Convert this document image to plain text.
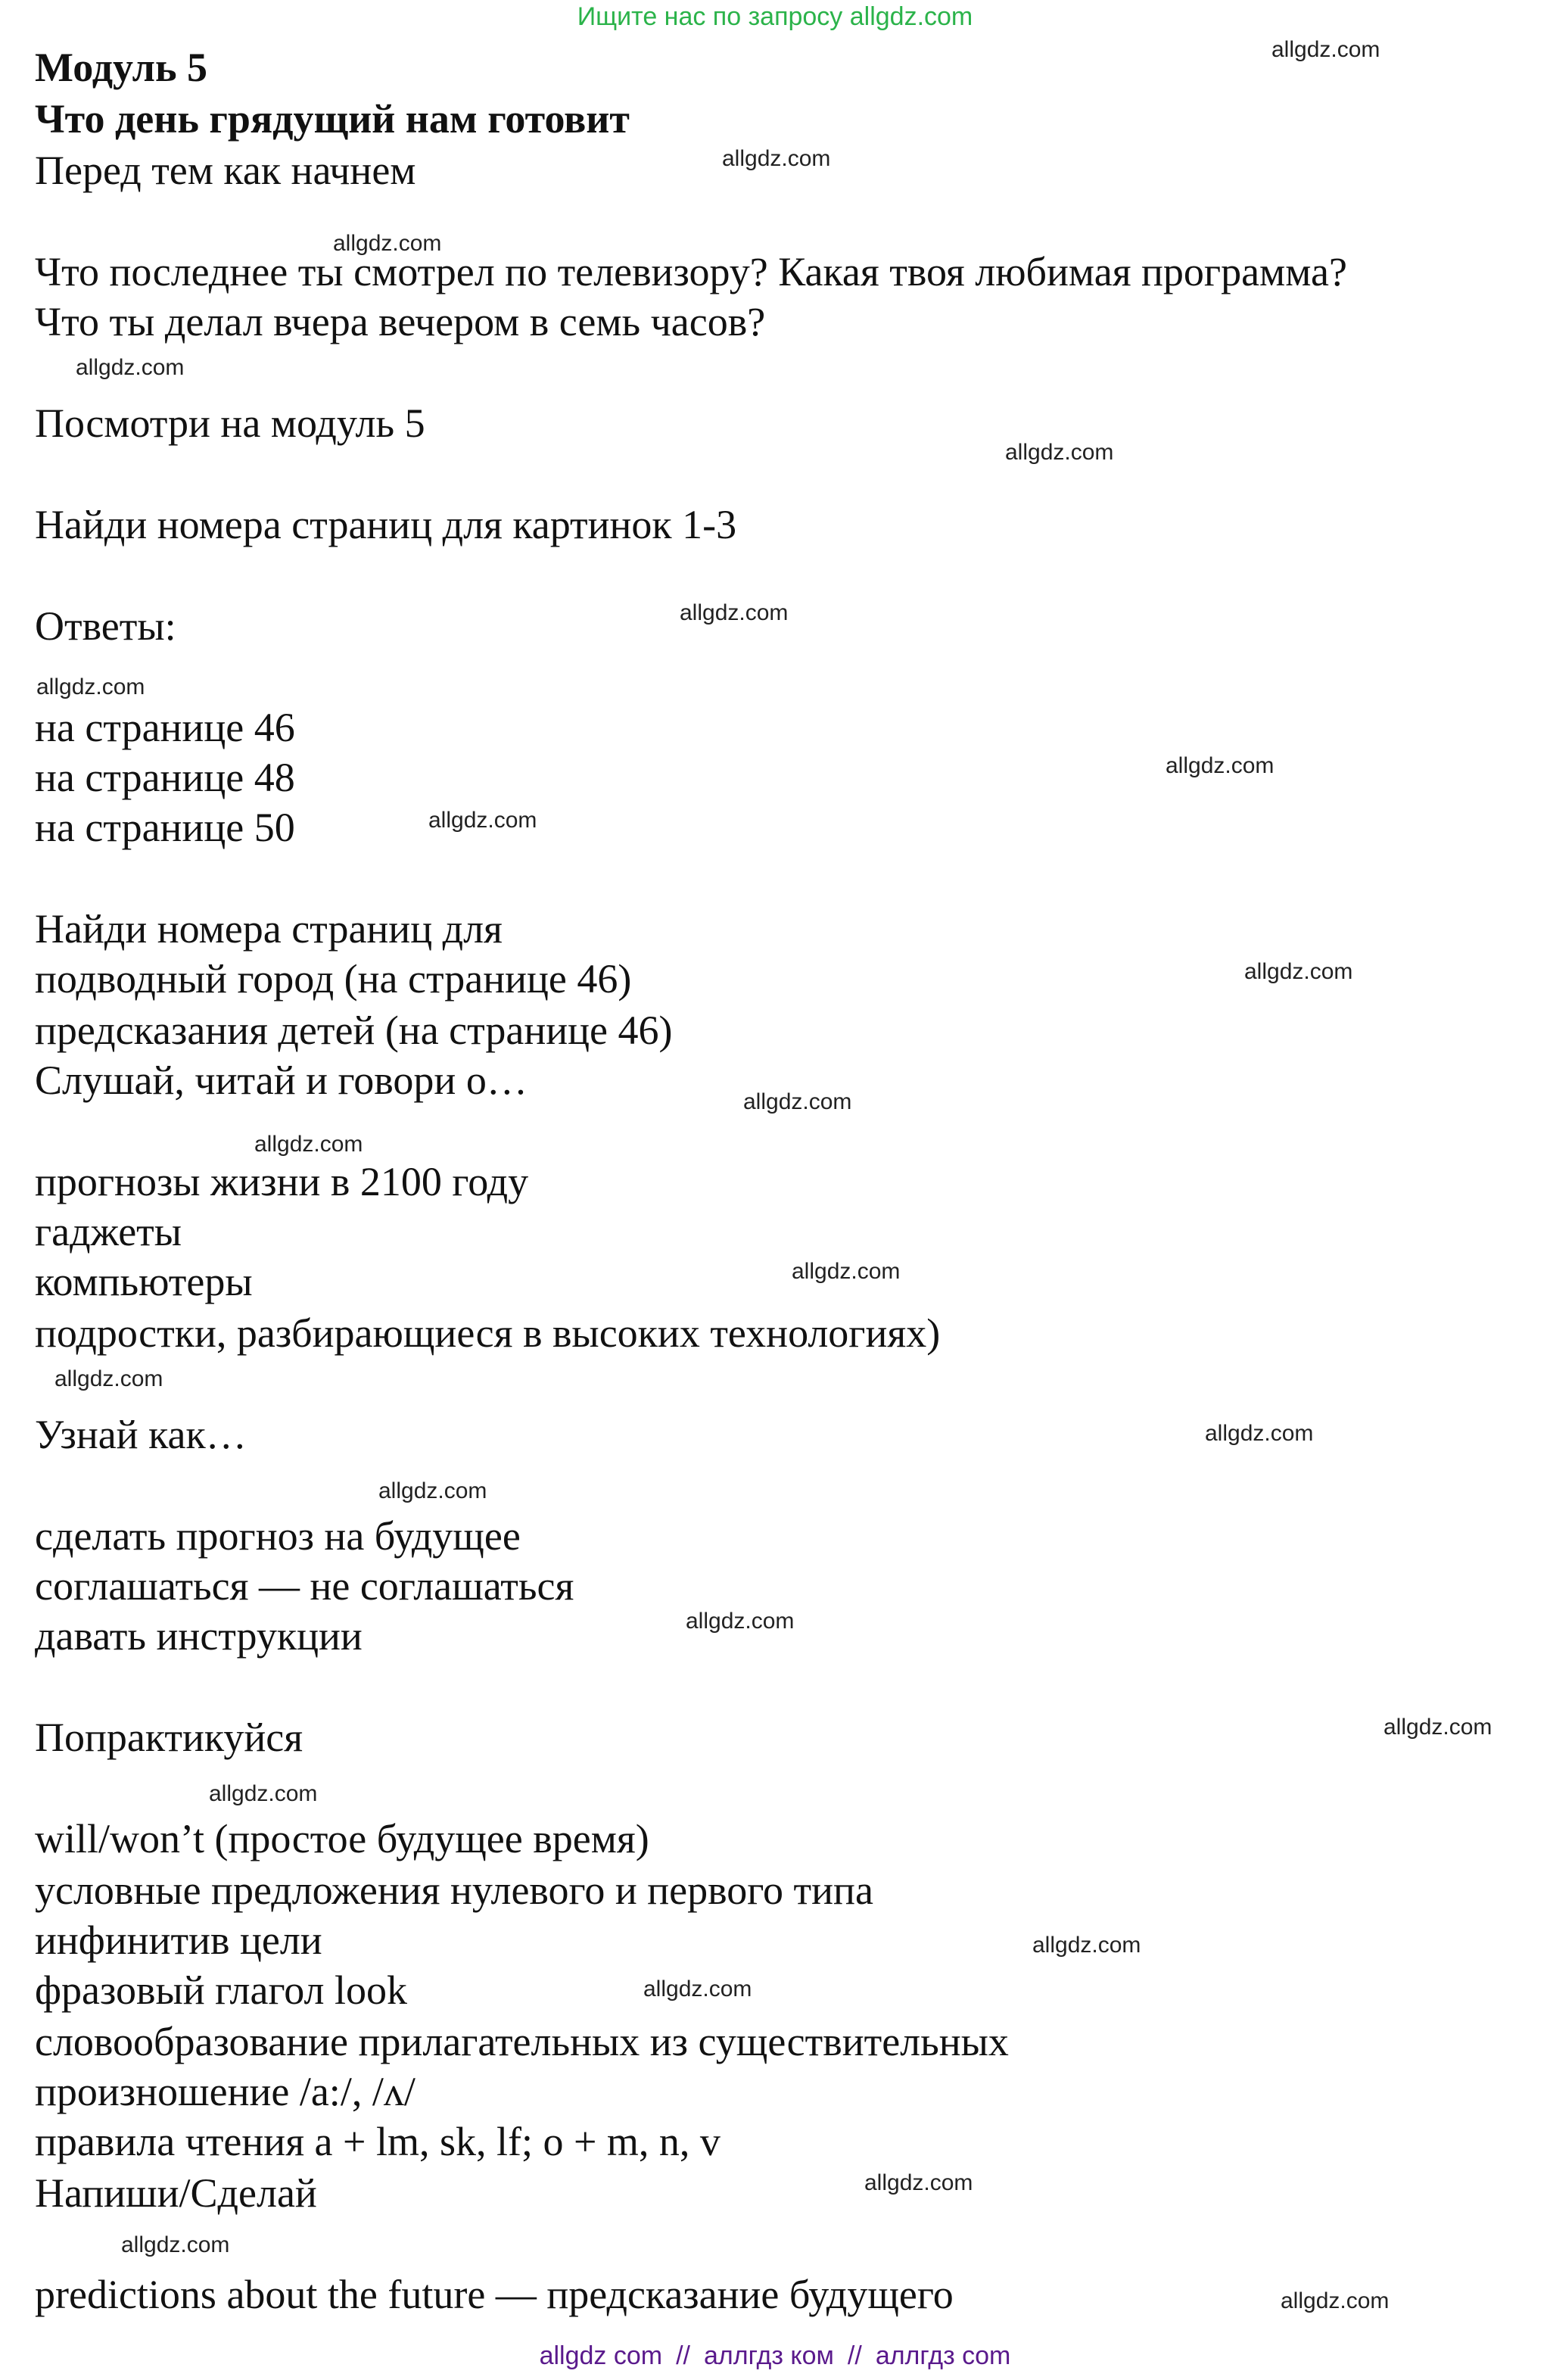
Ищите нас по запросу allgdz.com
Модуль 5
Что день грядущий нам готовит
Перед тем как начнем
Что последнее ты смотрел по телевизору? Какая твоя любимая программа?
Что ты делал вчера вечером в семь часов?
Посмотри на модуль 5
Найди номера страниц для картинок 1-3
Ответы:
на странице 46
на странице 48
на странице 50
Найди номера страниц для
подводный город (на странице 46)
предсказания детей (на странице 46)
Слушай, читай и говори о…
прогнозы жизни в 2100 году
гаджеты
компьютеры
подростки, разбирающиеся в высоких технологиях)
Узнай как…
сделать прогноз на будущее
соглашаться — не соглашаться
давать инструкции
Попрактикуйся
will/won’t (простое будущее время)
условные предложения нулевого и первого типа
инфинитив цели
фразовый глагол look
словообразование прилагательных из существительных
произношение /a:/, /ʌ/
правила чтения a + lm, sk, lf; o + m, n, v
Напиши/Сделай
predictions about the future — предсказание будущего
allgdz.com
allgdz.com
allgdz.com
allgdz.com
allgdz.com
allgdz.com
allgdz.com
allgdz.com
allgdz.com
allgdz.com
allgdz.com
allgdz.com
allgdz.com
allgdz.com
allgdz.com
allgdz.com
allgdz.com
allgdz.com
allgdz.com
allgdz.com
allgdz.com
allgdz.com
allgdz.com
allgdz.com
allgdz com // аллгдз ком // аллгдз com
